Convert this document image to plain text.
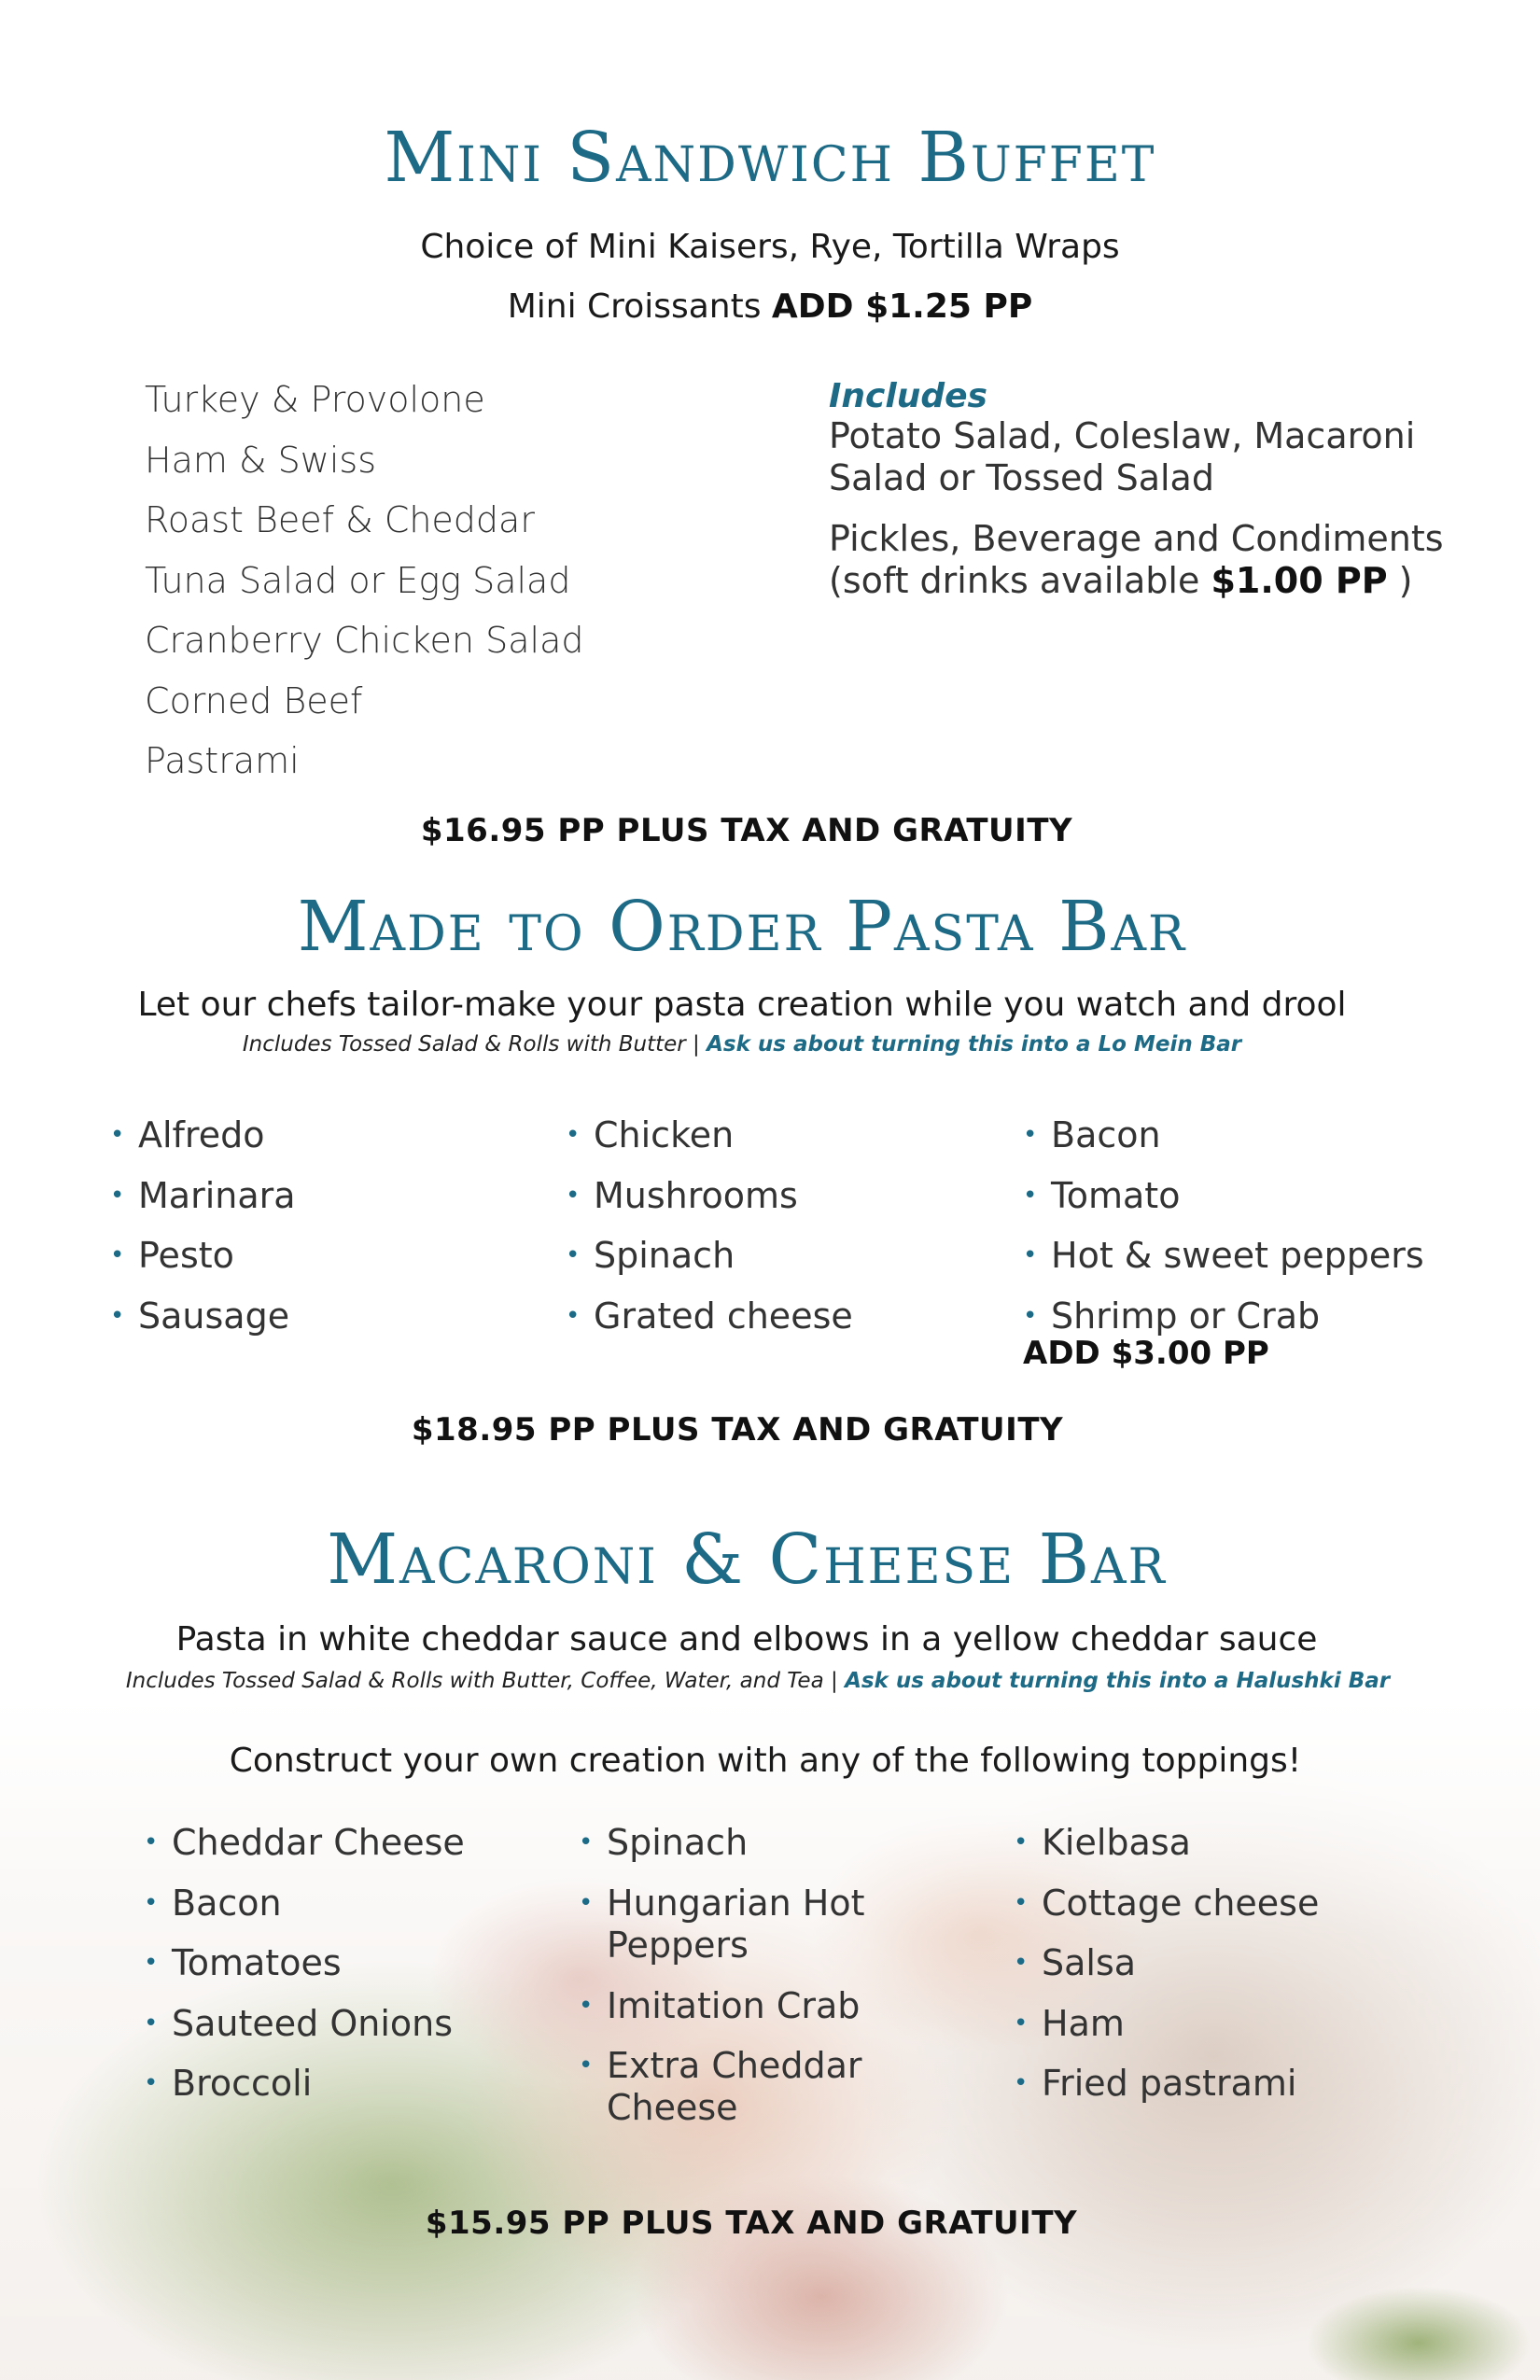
Mini Sandwich Buffet
Choice of Mini Kaisers, Rye, Tortilla Wraps
Mini Croissants ADD $1.25 PP
Turkey & Provolone
Ham & Swiss
Roast Beef & Cheddar
Tuna Salad or Egg Salad
Cranberry Chicken Salad
Corned Beef
Pastrami
Includes
Potato Salad, Coleslaw, Macaroni
Salad or Tossed Salad
Pickles, Beverage and Condiments
(soft drinks available $1.00 PP )
$16.95 PP PLUS TAX AND GRATUITY
Made to Order Pasta Bar
Let our chefs tailor-make your pasta creation while you watch and drool
Includes Tossed Salad & Rolls with Butter | Ask us about turning this into a Lo Mein Bar
• Alfredo
• Marinara
• Pesto
• Sausage
• Chicken
• Mushrooms
• Spinach
• Grated cheese
• Bacon
• Tomato
• Hot & sweet peppers
• Shrimp or Crab
ADD $3.00 PP
$18.95 PP PLUS TAX AND GRATUITY
Macaroni & Cheese Bar
Pasta in white cheddar sauce and elbows in a yellow cheddar sauce
Includes Tossed Salad & Rolls with Butter, Coffee, Water, and Tea | Ask us about turning this into a Halushki Bar
Construct your own creation with any of the following toppings!
• Cheddar Cheese
• Bacon
• Tomatoes
• Sauteed Onions
• Broccoli
• Spinach
• Hungarian Hot Peppers
• Imitation Crab
• Extra Cheddar Cheese
• Kielbasa
• Cottage cheese
• Salsa
• Ham
• Fried pastrami
$15.95 PP PLUS TAX AND GRATUITY
